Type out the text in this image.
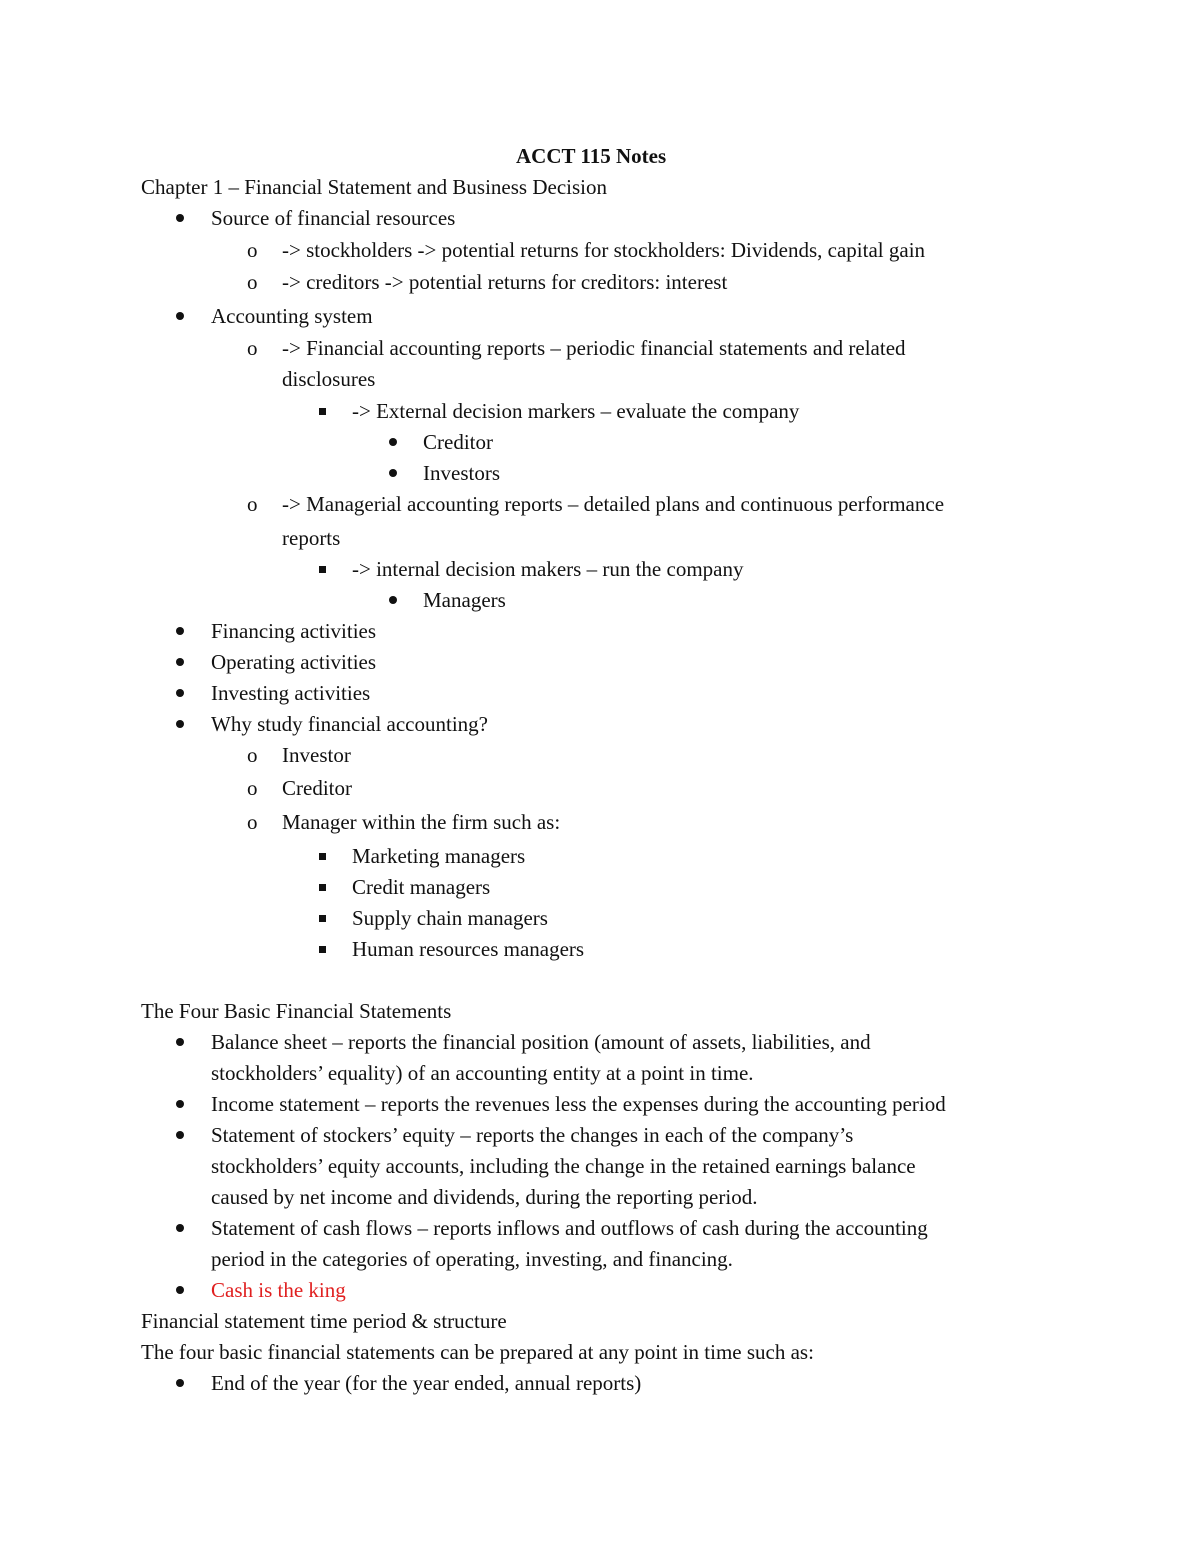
ACCT 115 Notes
Chapter 1 – Financial Statement and Business Decision
Source of financial resources
o -> stockholders -> potential returns for stockholders: Dividends, capital gain
o -> creditors -> potential returns for creditors: interest
Accounting system
o -> Financial accounting reports – periodic financial statements and related
disclosures
-> External decision markers – evaluate the company
Creditor
Investors
o -> Managerial accounting reports – detailed plans and continuous performance
reports
-> internal decision makers – run the company
Managers
Financing activities
Operating activities
Investing activities
Why study financial accounting?
o Investor
o Creditor
o Manager within the firm such as:
Marketing managers
Credit managers
Supply chain managers
Human resources managers
The Four Basic Financial Statements
Balance sheet – reports the financial position (amount of assets, liabilities, and
stockholders’ equality) of an accounting entity at a point in time.
Income statement – reports the revenues less the expenses during the accounting period
Statement of stockers’ equity – reports the changes in each of the company’s
stockholders’ equity accounts, including the change in the retained earnings balance
caused by net income and dividends, during the reporting period.
Statement of cash flows – reports inflows and outflows of cash during the accounting
period in the categories of operating, investing, and financing.
Cash is the king
Financial statement time period & structure
The four basic financial statements can be prepared at any point in time such as:
End of the year (for the year ended, annual reports)
